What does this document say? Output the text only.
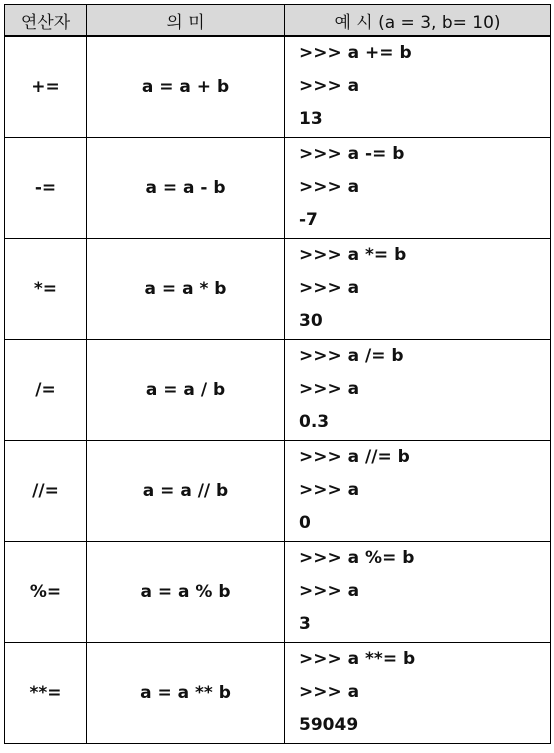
연산자	의 미	예 시 (a = 3, b= 10)
+=	a = a + b	>>> a += b
>>> a
13

-=	a = a - b	>>> a -= b
>>> a
-7

*=	a = a * b	>>> a *= b
>>> a
30

/=	a = a / b	>>> a /= b
>>> a
0.3

//=	a = a // b	>>> a //= b
>>> a
0

%=	a = a % b	>>> a %= b
>>> a
3

**=	a = a ** b	>>> a **= b
>>> a
59049
